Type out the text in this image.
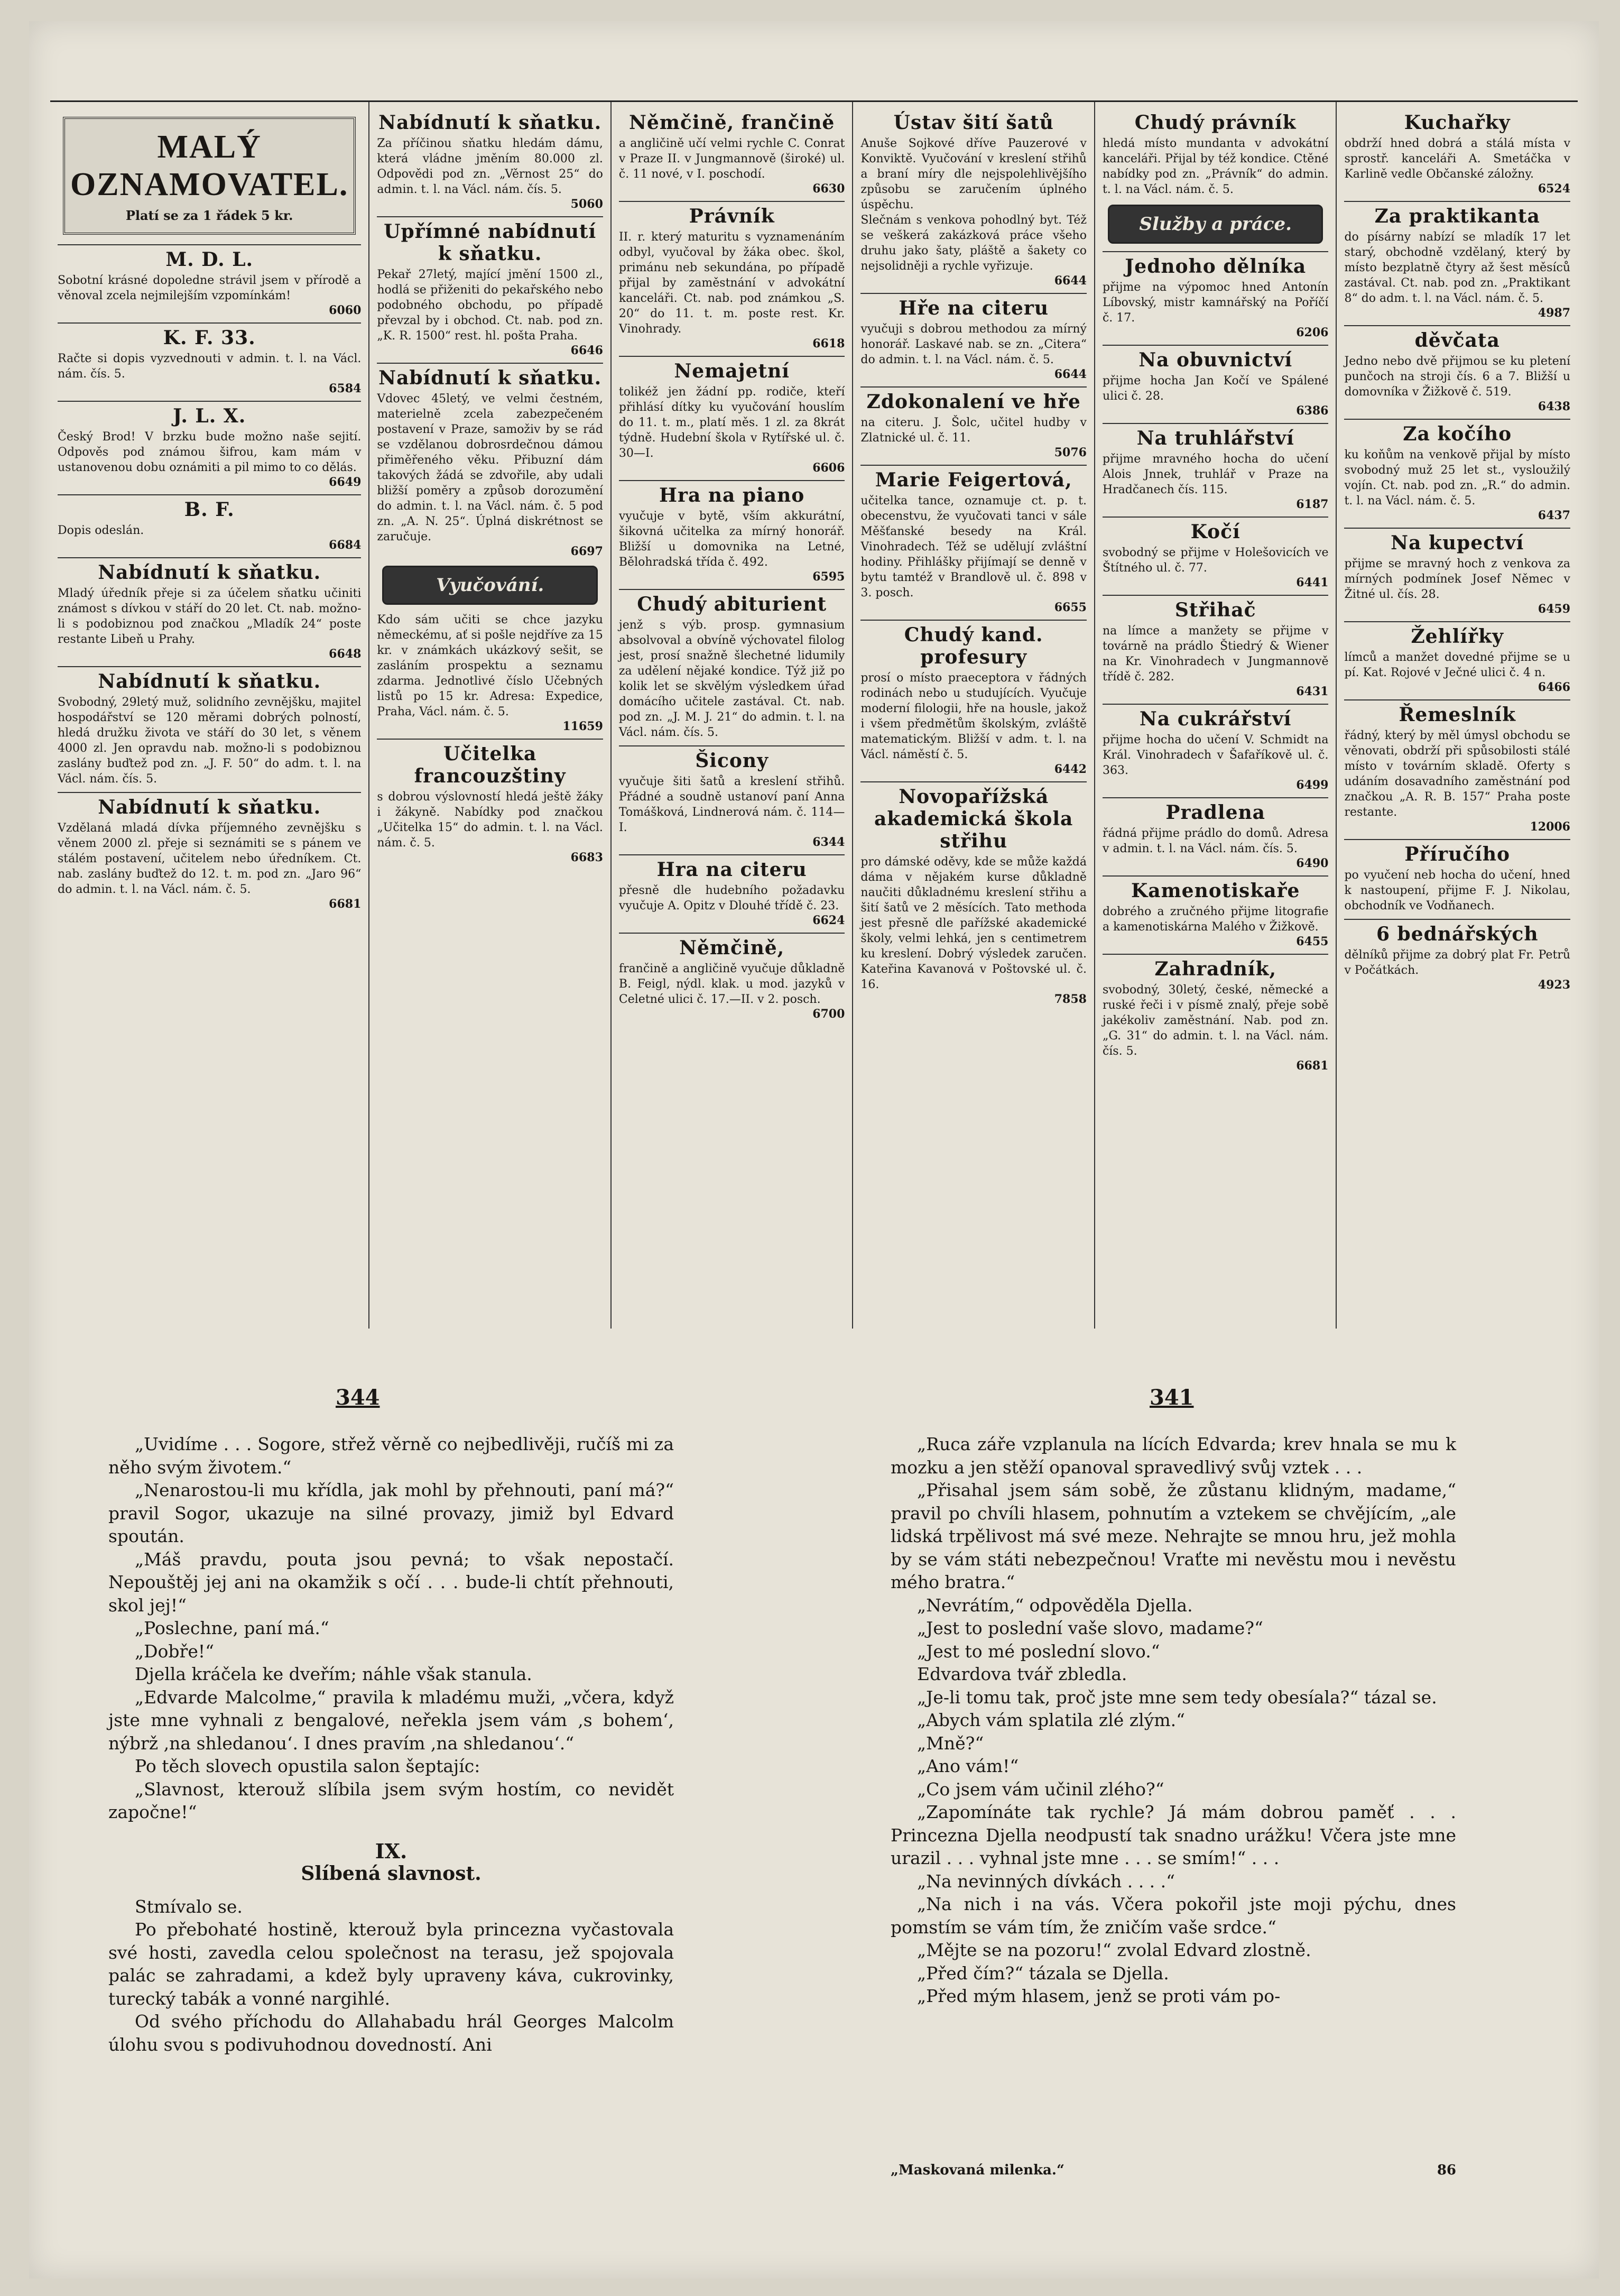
MALÝ OZNAMOVATEL.
Platí se za 1 řádek 5 kr.
M. D. L.
Sobotní krásné dopoledne strávil jsem v přírodě a věnoval zcela nejmilejším vzpomínkám!
6060
K. F. 33.
Račte si dopis vyzvednouti v admin. t. l. na Václ. nám. čís. 5.
6584
J. L. X.
Český Brod! V brzku bude možno naše sejití. Odpověs pod známou šifrou, kam mám v ustanovenou dobu oznámiti a pil mimo to co dělás.
6649
B. F.
Dopis odeslán.
6684
Nabídnutí k sňatku.
Mladý úředník přeje si za účelem sňatku učiniti známost s dívkou v stáří do 20 let. Ct. nab. možno-li s podobiznou pod značkou „Mladík 24“ poste restante Libeň u Prahy.
6648
Nabídnutí k sňatku.
Svobodný, 29letý muž, solidního zevnějšku, majitel hospodářství se 120 měrami dobrých polností, hledá družku života ve stáří do 30 let, s věnem 4000 zl. Jen opravdu nab. možno-li s podobiznou zaslány buďtež pod zn. „J. F. 50“ do adm. t. l. na Václ. nám. čís. 5.
Nabídnutí k sňatku.
Vzdělaná mladá dívka příjemného zevnějšku s věnem 2000 zl. přeje si seznámiti se s pánem ve stálém postavení, učitelem nebo úředníkem. Ct. nab. zaslány buďtež do 12. t. m. pod zn. „Jaro 96“ do admin. t. l. na Václ. nám. č. 5.
6681
Nabídnutí k sňatku.
Za příčinou sňatku hledám dámu, která vládne jměním 80.000 zl. Odpovědi pod zn. „Věrnost 25“ do admin. t. l. na Václ. nám. čís. 5.
5060
Upřímné nabídnutí k sňatku.
Pekař 27letý, mající jmění 1500 zl., hodlá se přiženiti do pekařského nebo podobného obchodu, po případě převzal by i obchod. Ct. nab. pod zn. „K. R. 1500“ rest. hl. pošta Praha.
6646
Nabídnutí k sňatku.
Vdovec 45letý, ve velmi čestném, materielně zcela zabezpečeném postavení v Praze, samoživ by se rád se vzdělanou dobrosrdečnou dámou přiměřeného věku. Přibuzní dám takových žádá se zdvořile, aby udali bližší poměry a způsob dorozumění do admin. t. l. na Václ. nám. č. 5 pod zn. „A. N. 25“. Úplná diskrétnost se zaručuje.
6697
Vyučování.
Kdo sám učiti se chce jazyku německému, ať si pošle nejdříve za 15 kr. v známkách ukázkový sešit, se zasláním prospektu a seznamu zdarma. Jednotlivé číslo Učebných listů po 15 kr. Adresa: Expedice, Praha, Václ. nám. č. 5.
11659
Učitelka francouzštiny
s dobrou výslovností hledá ještě žáky i žákyně. Nabídky pod značkou „Učitelka 15“ do admin. t. l. na Václ. nám. č. 5.
6683
Němčině, frančině
a angličině učí velmi rychle C. Conrat v Praze II. v Jungmannově (široké) ul. č. 11 nové, v I. poschodí.
6630
Právník
II. r. který maturitu s vyznamenáním odbyl, vyučoval by žáka obec. škol, primánu neb sekundána, po případě přijal by zaměstnání v advokátní kanceláři. Ct. nab. pod známkou „S. 20“ do 11. t. m. poste rest. Kr. Vinohrady.
6618
Nemajetní
tolikéž jen žádní pp. rodiče, kteří přihlásí dítky ku vyučování houslím do 11. t. m., platí měs. 1 zl. za 8krát týdně. Hudební škola v Rytířské ul. č. 30—I.
6606
Hra na piano
vyučuje v bytě, vším akkurátní, šikovná učitelka za mírný honorář. Bližší u domovnika na Letné, Bělohradská třída č. 492.
6595
Chudý abiturient
jenž s výb. prosp. gymnasium absolvoval a obvíně výchovatel filolog jest, prosí snažně šlechetné lidumily za udělení nějaké kondice. Týž již po kolik let se skvělým výsledkem úřad domácího učitele zastával. Ct. nab. pod zn. „J. M. J. 21“ do admin. t. l. na Václ. nám. čís. 5.
Šicony
vyučuje šiti šatů a kreslení střihů. Přádné a soudně ustanoví paní Anna Tomášková, Lindnerová nám. č. 114—I.
6344
Hra na citeru
přesně dle hudebního požadavku vyučuje A. Opitz v Dlouhé třídě č. 23.
6624
Němčině,
frančině a angličině vyučuje důkladně B. Feigl, nýdl. klak. u mod. jazyků v Celetné ulici č. 17.—II. v 2. posch.
6700
Ústav šití šatů
Anuše Sojkové dříve Pauzerové v Konviktě. Vyučování v kreslení střihů a braní míry dle nejspolehlivějšího způsobu se zaručením úplného úspěchu.
Slečnám s venkova pohodlný byt. Též se veškerá zakázková práce všeho druhu jako šaty, pláště a šakety co nejsolidněji a rychle vyřizuje.
6644
Hře na citeru
vyučuji s dobrou methodou za mírný honorář. Laskavé nab. se zn. „Citera“ do admin. t. l. na Václ. nám. č. 5.
6644
Zdokonalení ve hře
na citeru. J. Šolc, učitel hudby v Zlatnické ul. č. 11.
5076
Marie Feigertová,
učitelka tance, oznamuje ct. p. t. obecenstvu, že vyučovati tanci v sále Měšťanské besedy na Král. Vinohradech. Též se udělují zvláštní hodiny. Přihlášky přijímají se denně v bytu tamtéž v Brandlově ul. č. 898 v 3. posch.
6655
Chudý kand. profesury
prosí o místo praeceptora v řádných rodinách nebo u studujících. Vyučuje moderní filologii, hře na housle, jakož i všem předmětům školským, zvláště matematickým. Bližší v adm. t. l. na Václ. náměstí č. 5.
6442
Novopařížská akademická škola střihu
pro dámské oděvy, kde se může každá dáma v nějakém kurse důkladně naučiti důkladnému kreslení střihu a šití šatů ve 2 měsících. Tato methoda jest přesně dle pařížské akademické školy, velmi lehká, jen s centimetrem ku kreslení. Dobrý výsledek zaručen. Kateřina Kavanová v Poštovské ul. č. 16.
7858
Chudý právník
hledá místo mundanta v advokátní kanceláři. Přijal by též kondice. Ctěné nabídky pod zn. „Právník“ do admin. t. l. na Václ. nám. č. 5.
Služby a práce.
Jednoho dělníka
přijme na výpomoc hned Antonín Líbovský, mistr kamnářský na Poříčí č. 17.
6206
Na obuvnictví
přijme hocha Jan Kočí ve Spálené ulici č. 28.
6386
Na truhlářství
přijme mravného hocha do učení Alois Jnnek, truhlář v Praze na Hradčanech čís. 115.
6187
Kočí
svobodný se přijme v Holešovicích ve Štítného ul. č. 77.
6441
Střihač
na límce a manžety se přijme v továrně na prádlo Štiedrý & Wiener na Kr. Vinohradech v Jungmannově třídě č. 282.
6431
Na cukrářství
přijme hocha do učení V. Schmidt na Král. Vinohradech v Šafaříkově ul. č. 363.
6499
Pradlena
řádná přijme prádlo do domů. Adresa v admin. t. l. na Václ. nám. čís. 5.
6490
Kamenotiskaře
dobrého a zručného přijme litografie a kamenotiskárna Malého v Žižkově.
6455
Zahradník,
svobodný, 30letý, české, německé a ruské řeči i v písmě znalý, přeje sobě jakékoliv zaměstnání. Nab. pod zn. „G. 31“ do admin. t. l. na Václ. nám. čís. 5.
6681
Kuchařky
obdrží hned dobrá a stálá místa v sprostř. kanceláři A. Smetáčka v Karlině vedle Občanské záložny.
6524
Za praktikanta
do písárny nabízí se mladík 17 let starý, obchodně vzdělaný, který by místo bezplatně čtyry až šest měsíců zastával. Ct. nab. pod zn. „Praktikant 8“ do adm. t. l. na Václ. nám. č. 5.
4987
děvčata
Jedno nebo dvě přijmou se ku pletení punčoch na stroji čís. 6 a 7. Bližší u domovníka v Žižkově č. 519.
6438
Za kočího
ku koňům na venkově přijal by místo svobodný muž 25 let st., vysloužilý vojín. Ct. nab. pod zn. „R.“ do admin. t. l. na Václ. nám. č. 5.
6437
Na kupectví
přijme se mravný hoch z venkova za mírných podmínek Josef Němec v Žitné ul. čís. 28.
6459
Žehlířky
límců a manžet dovedné přijme se u pí. Kat. Rojové v Ječné ulici č. 4 n.
6466
Řemeslník
řádný, který by měl úmysl obchodu se věnovati, obdrží při spůsobilosti stálé místo v továrním skladě. Oferty s udáním dosavadního zaměstnání pod značkou „A. R. B. 157“ Praha poste restante.
12006
Příručího
po vyučení neb hocha do učení, hned k nastoupení, přijme F. J. Nikolau, obchodník ve Vodňanech.
6 bednářských
dělníků přijme za dobrý plat Fr. Petrů v Počátkách.
4923
344	341

„Uvidíme . . . Sogore, střež věrně co nejbedlivěji, ručíš mi za něho svým životem.“

„Nenarostou-li mu křídla, jak mohl by přehnouti, paní má?“ pravil Sogor, ukazuje na silné provazy, jimiž byl Edvard spoután.

„Máš pravdu, pouta jsou pevná; to však nepostačí. Nepouštěj jej ani na okamžik s očí . . . bude-li chtít přehnouti, skol jej!“

„Poslechne, paní má.“

„Dobře!“

Djella kráčela ke dveřím; náhle však stanula.

„Edvarde Malcolme,“ pravila k mladému muži, „včera, když jste mne vyhnali z bengalové, neřekla jsem vám ,s bohem‘, nýbrž ,na shledanou‘. I dnes pravím ,na shledanou‘.“

Po těch slovech opustila salon šeptajíc:

„Slavnost, kterouž slíbila jsem svým hostím, co nevidět započne!“

IX.

Slíbená slavnost.

Stmívalo se.

Po přebohaté hostině, kterouž byla princezna vyčastovala své hosti, zavedla celou společnost na terasu, jež spojovala palác se zahradami, a kdež byly upraveny káva, cukrovinky, turecký tabák a vonné nargihlé.

Od svého příchodu do Allahabadu hrál Georges Malcolm úlohu svou s podivuhodnou dovedností. Ani

„Ruca záře vzplanula na lících Edvarda; krev hnala se mu k mozku a jen stěží opanoval spravedlivý svůj vztek . . .

„Přisahal jsem sám sobě, že zůstanu klidným, madame,“ pravil po chvíli hlasem, pohnutím a vztekem se chvějícím, „ale lidská trpělivost má své meze. Nehrajte se mnou hru, jež mohla by se vám státi nebezpečnou! Vraťte mi nevěstu mou i nevěstu mého bratra.“

„Nevrátím,“ odpověděla Djella.

„Jest to poslední vaše slovo, madame?“

„Jest to mé poslední slovo.“

Edvardova tvář zbledla.

„Je-li tomu tak, proč jste mne sem tedy obesíala?“ tázal se.

„Abych vám splatila zlé zlým.“

„Mně?“

„Ano vám!“

„Co jsem vám učinil zlého?“

„Zapomínáte tak rychle? Já mám dobrou paměť . . . Princezna Djella neodpustí tak snadno urážku! Včera jste mne urazil . . . vyhnal jste mne . . . se smím!“ . . .

„Na nevinných dívkách . . . .“

„Na nich i na vás. Včera pokořil jste moji pýchu, dnes pomstím se vám tím, že zničím vaše srdce.“

„Mějte se na pozoru!“ zvolal Edvard zlostně.

„Před čím?“ tázala se Djella.

„Před mým hlasem, jenž se proti vám po-

„Maskovaná milenka.“	86
